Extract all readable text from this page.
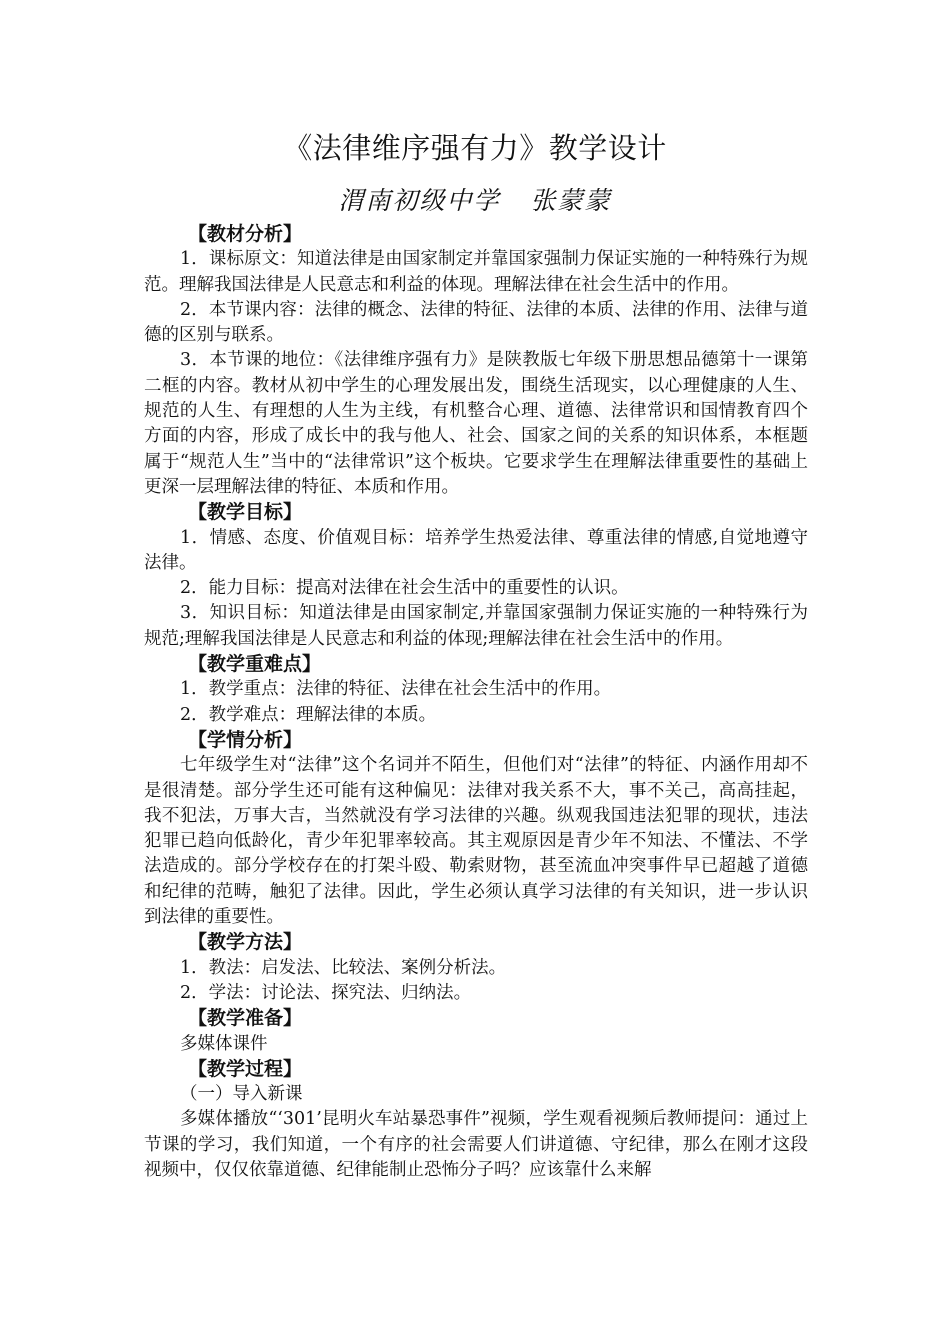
《法律维序强有力》教学设计
渭南初级中学 张蒙蒙
【教材分析】

1．课标原文：知道法律是由国家制定并靠国家强制力保证实施的一种特殊行为规范。理解我国法律是人民意志和利益的体现。理解法律在社会生活中的作用。

2．本节课内容：法律的概念、法律的特征、法律的本质、法律的作用、法律与道德的区别与联系。

3．本节课的地位：《法律维序强有力》是陕教版七年级下册思想品德第十一课第二框的内容。教材从初中学生的心理发展出发，围绕生活现实，以心理健康的人生、规范的人生、有理想的人生为主线，有机整合心理、道德、法律常识和国情教育四个方面的内容，形成了成长中的我与他人、社会、国家之间的关系的知识体系，本框题属于“规范人生”当中的“法律常识”这个板块。它要求学生在理解法律重要性的基础上更深一层理解法律的特征、本质和作用。

【教学目标】

1．情感、态度、价值观目标：培养学生热爱法律、尊重法律的情感,自觉地遵守法律。

2．能力目标：提高对法律在社会生活中的重要性的认识。

3．知识目标：知道法律是由国家制定,并靠国家强制力保证实施的一种特殊行为规范;理解我国法律是人民意志和利益的体现;理解法律在社会生活中的作用。

【教学重难点】

1．教学重点：法律的特征、法律在社会生活中的作用。

2．教学难点：理解法律的本质。

【学情分析】

七年级学生对“法律”这个名词并不陌生，但他们对“法律”的特征、内涵作用却不是很清楚。部分学生还可能有这种偏见：法律对我关系不大，事不关己，高高挂起，我不犯法，万事大吉，当然就没有学习法律的兴趣。纵观我国违法犯罪的现状，违法犯罪已趋向低龄化，青少年犯罪率较高。其主观原因是青少年不知法、不懂法、不学法造成的。部分学校存在的打架斗殴、勒索财物，甚至流血冲突事件早已超越了道德和纪律的范畴，触犯了法律。因此，学生必须认真学习法律的有关知识，进一步认识到法律的重要性。

【教学方法】

1．教法：启发法、比较法、案例分析法。

2．学法：讨论法、探究法、归纳法。

【教学准备】

多媒体课件

【教学过程】

（一）导入新课

多媒体播放“‘301’昆明火车站暴恐事件”视频，学生观看视频后教师提问：通过上节课的学习，我们知道，一个有序的社会需要人们讲道德、守纪律，那么在刚才这段视频中，仅仅依靠道德、纪律能制止恐怖分子吗？应该靠什么来解
